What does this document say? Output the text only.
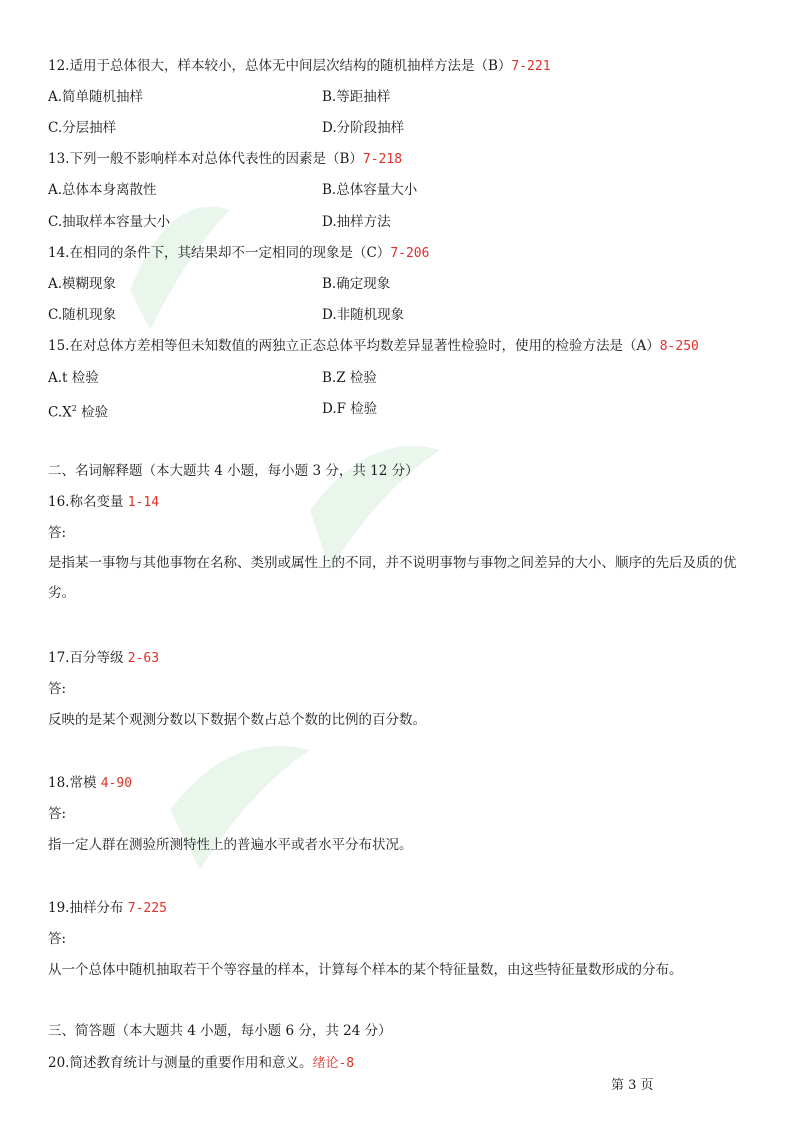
12.适用于总体很大，样本较小，总体无中间层次结构的随机抽样方法是（B）7-221
A.简单随机抽样	B.等距抽样
C.分层抽样	D.分阶段抽样
13.下列一般不影响样本对总体代表性的因素是（B）7-218
A.总体本身离散性	B.总体容量大小
C.抽取样本容量大小	D.抽样方法
14.在相同的条件下，其结果却不一定相同的现象是（C）7-206
A.模糊现象	B.确定现象
C.随机现象	D.非随机现象
15.在对总体方差相等但未知数值的两独立正态总体平均数差异显著性检验时，使用的检验方法是（A）8-250
A.t 检验	B.Z 检验
$C.X^2$ 检验	D.F 检验
二、名词解释题（本大题共 4 小题，每小题 3 分，共 12 分）
16.称名变量 1-14
答:
是指某一事物与其他事物在名称、类别或属性上的不同，并不说明事物与事物之间差异的大小、顺序的先后及质的优劣。
17.百分等级 2-63
答:
反映的是某个观测分数以下数据个数占总个数的比例的百分数。
18.常模 4-90
答:
指一定人群在测验所测特性上的普遍水平或者水平分布状况。
19.抽样分布 7-225
答:
从一个总体中随机抽取若干个等容量的样本，计算每个样本的某个特征量数，由这些特征量数形成的分布。
三、简答题（本大题共 4 小题，每小题 6 分，共 24 分）
20.简述教育统计与测量的重要作用和意义。绪论-8
第 3 页
